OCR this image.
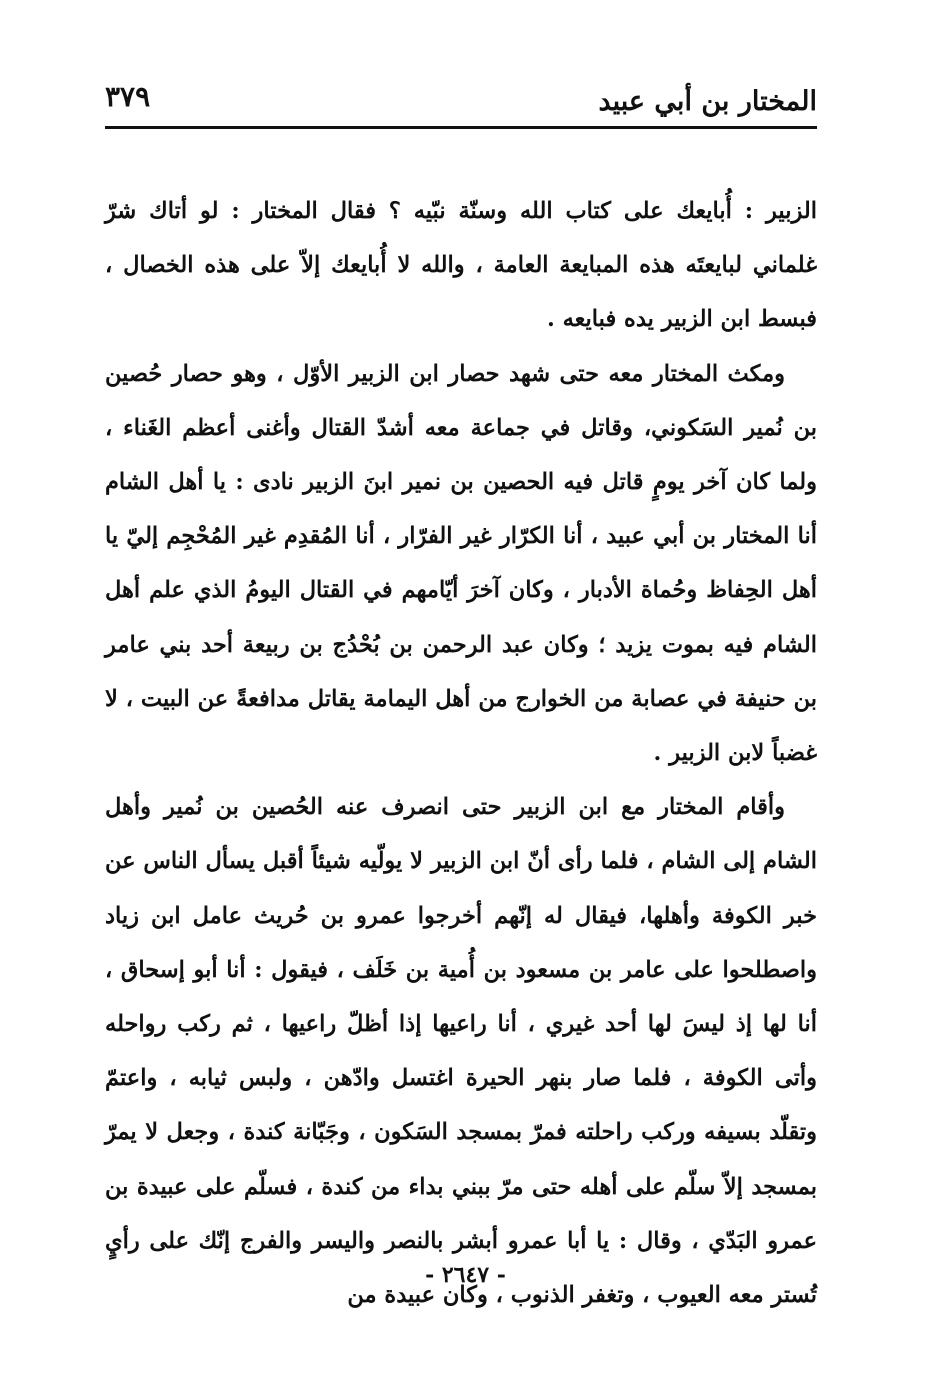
المختار بن أبي عبيد
٣٧٩

الزبير : أُبايعك على كتاب الله وسنّة نبّيه ؟ فقال المختار : لو أتاك شرّ غلماني لبايعتَه هذه المبايعة العامة ، والله لا أُبايعك إلاّ على هذه الخصال ، فبسط ابن الزبير يده فبايعه .

ومكث المختار معه حتى شهد حصار ابن الزبير الأوّل ، وهو حصار حُصين بن نُمير السَكوني، وقاتل في جماعة معه أشدّ القتال وأغنى أعظم الغَناء ، ولما كان آخر يومٍ قاتل فيه الحصين بن نمير ابنَ الزبير نادى : يا أهل الشام أنا المختار بن أبي عبيد ، أنا الكرّار غير الفرّار ، أنا المُقدِم غير المُحْجِم إليّ يا أهل الحِفاظ وحُماة الأدبار ، وكان آخرَ أيّامهم في القتال اليومُ الذي علم أهل الشام فيه بموت يزيد ؛ وكان عبد الرحمن بن بُحْدُج بن ربيعة أحد بني عامر بن حنيفة في عصابة من الخوارج من أهل اليمامة يقاتل مدافعةً عن البيت ، لا غضباً لابن الزبير .

وأقام المختار مع ابن الزبير حتى انصرف عنه الحُصين بن نُمير وأهل الشام إلى الشام ، فلما رأى أنّ ابن الزبير لا يولّيه شيئاً أقبل يسأل الناس عن خبر الكوفة وأهلها، فيقال له إنّهم أخرجوا عمرو بن حُريث عامل ابن زياد واصطلحوا على عامر بن مسعود بن أُمية بن خَلَف ، فيقول : أنا أبو إسحاق ، أنا لها إذ ليسَ لها أحد غيري ، أنا راعيها إذا أظلّ راعيها ، ثم ركب رواحله وأتى الكوفة ، فلما صار بنهر الحيرة اغتسل وادّهن ، ولبس ثيابه ، واعتمّ وتقلّد بسيفه وركب راحلته فمرّ بمسجد السَكون ، وجَبّانة كندة ، وجعل لا يمرّ بمسجد إلاّ سلّم على أهله حتى مرّ ببني بداء من كندة ، فسلّم على عبيدة بن عمرو البَدّي ، وقال : يا أبا عمرو أبشر بالنصر واليسر والفرج إنّك على رأيٍ تُستر معه العيوب ، وتغفر الذنوب ، وكان عبيدة من

- ٢٦٤٧ -
